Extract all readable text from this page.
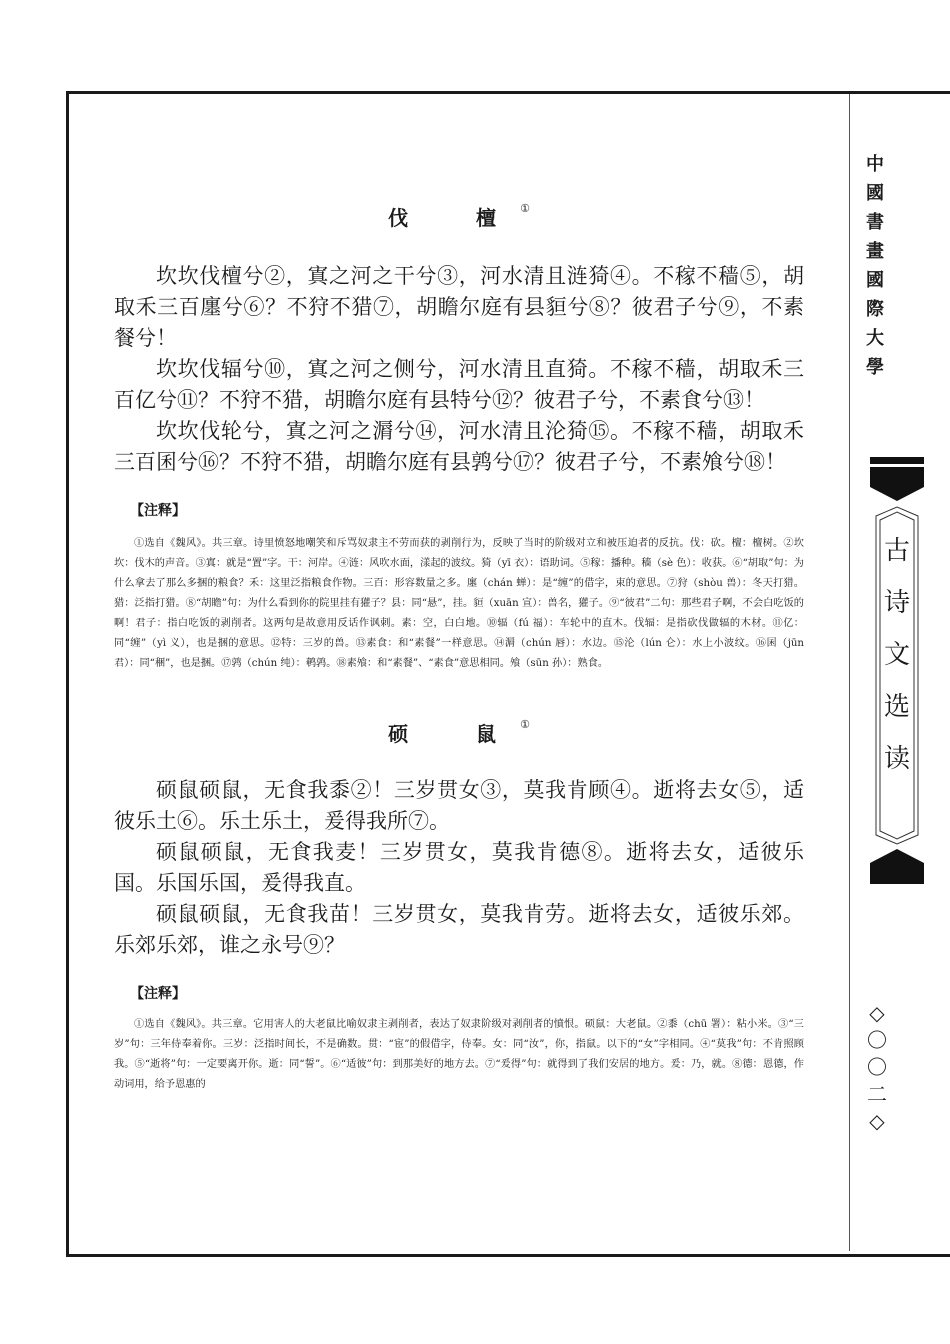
伐　檀①

坎坎伐檀兮②，寘之河之干兮③，河水清且涟猗④。不稼不穑⑤，胡取禾三百廛兮⑥？不狩不猎⑦，胡瞻尔庭有县貆兮⑧？彼君子兮⑨，不素餐兮！

坎坎伐辐兮⑩，寘之河之侧兮，河水清且直猗。不稼不穑，胡取禾三百亿兮⑪？不狩不猎，胡瞻尔庭有县特兮⑫？彼君子兮，不素食兮⑬！

坎坎伐轮兮，寘之河之漘兮⑭，河水清且沦猗⑮。不稼不穑，胡取禾三百囷兮⑯？不狩不猎，胡瞻尔庭有县鹑兮⑰？彼君子兮，不素飧兮⑱！

【注释】

①选自《魏风》。共三章。诗里愤怒地嘲笑和斥骂奴隶主不劳而获的剥削行为，反映了当时的阶级对立和被压迫者的反抗。伐：砍。檀：檀树。②坎坎：伐木的声音。③寘：就是“置”字。干：河岸。④涟：风吹水面，漾起的波纹。猗（yī 衣）：语助词。⑤稼：播种。穑（sè 色）：收获。⑥“胡取”句：为什么拿去了那么多捆的粮食？禾：这里泛指粮食作物。三百：形容数量之多。廛（chán 蝉）：是“缠”的借字，束的意思。⑦狩（shòu 兽）：冬天打猎。猎：泛指打猎。⑧“胡瞻”句：为什么看到你的院里挂有獾子？县：同“悬”，挂。貆（xuān 宣）：兽名，獾子。⑨“彼君”二句：那些君子啊，不会白吃饭的啊！君子：指白吃饭的剥削者。这两句是故意用反话作讽刺。素：空，白白地。⑩辐（fú 福）：车轮中的直木。伐辐：是指砍伐做辐的木材。⑪亿：同“缠”（yì 义），也是捆的意思。⑫特：三岁的兽。⑬素食：和“素餐”一样意思。⑭漘（chún 唇）：水边。⑮沦（lún 仑）：水上小波纹。⑯囷（jūn 君）：同“稇”，也是捆。⑰鹑（chún 纯）：鹌鹑。⑱素飧：和“素餐”、“素食”意思相同。飧（sūn 孙）：熟食。

硕　鼠①

硕鼠硕鼠，无食我黍②！三岁贯女③，莫我肯顾④。逝将去女⑤，适彼乐土⑥。乐土乐土，爰得我所⑦。

硕鼠硕鼠，无食我麦！三岁贯女，莫我肯德⑧。逝将去女，适彼乐国。乐国乐国，爰得我直。

硕鼠硕鼠，无食我苗！三岁贯女，莫我肯劳。逝将去女，适彼乐郊。乐郊乐郊，谁之永号⑨？

【注释】

①选自《魏风》。共三章。它用害人的大老鼠比喻奴隶主剥削者，表达了奴隶阶级对剥削者的憤恨。硕鼠：大老鼠。②黍（chū 署）：粘小米。③“三岁”句：三年侍奉着你。三岁：泛指时间长，不是确数。贯：“宦”的假借字，侍奉。女：同“汝”，你，指鼠。以下的“女”字相同。④“莫我”句：不肯照顾我。⑤“逝将”句：一定要离开你。逝：同“誓”。⑥“适彼”句：到那美好的地方去。⑦“爰得”句：就得到了我们安居的地方。爰：乃，就。⑧德：恩德，作动词用，给予恩惠的

中
國
書
畫
國
際
大
學
古
诗
文
选
读
◇
〇
〇
二
◇
